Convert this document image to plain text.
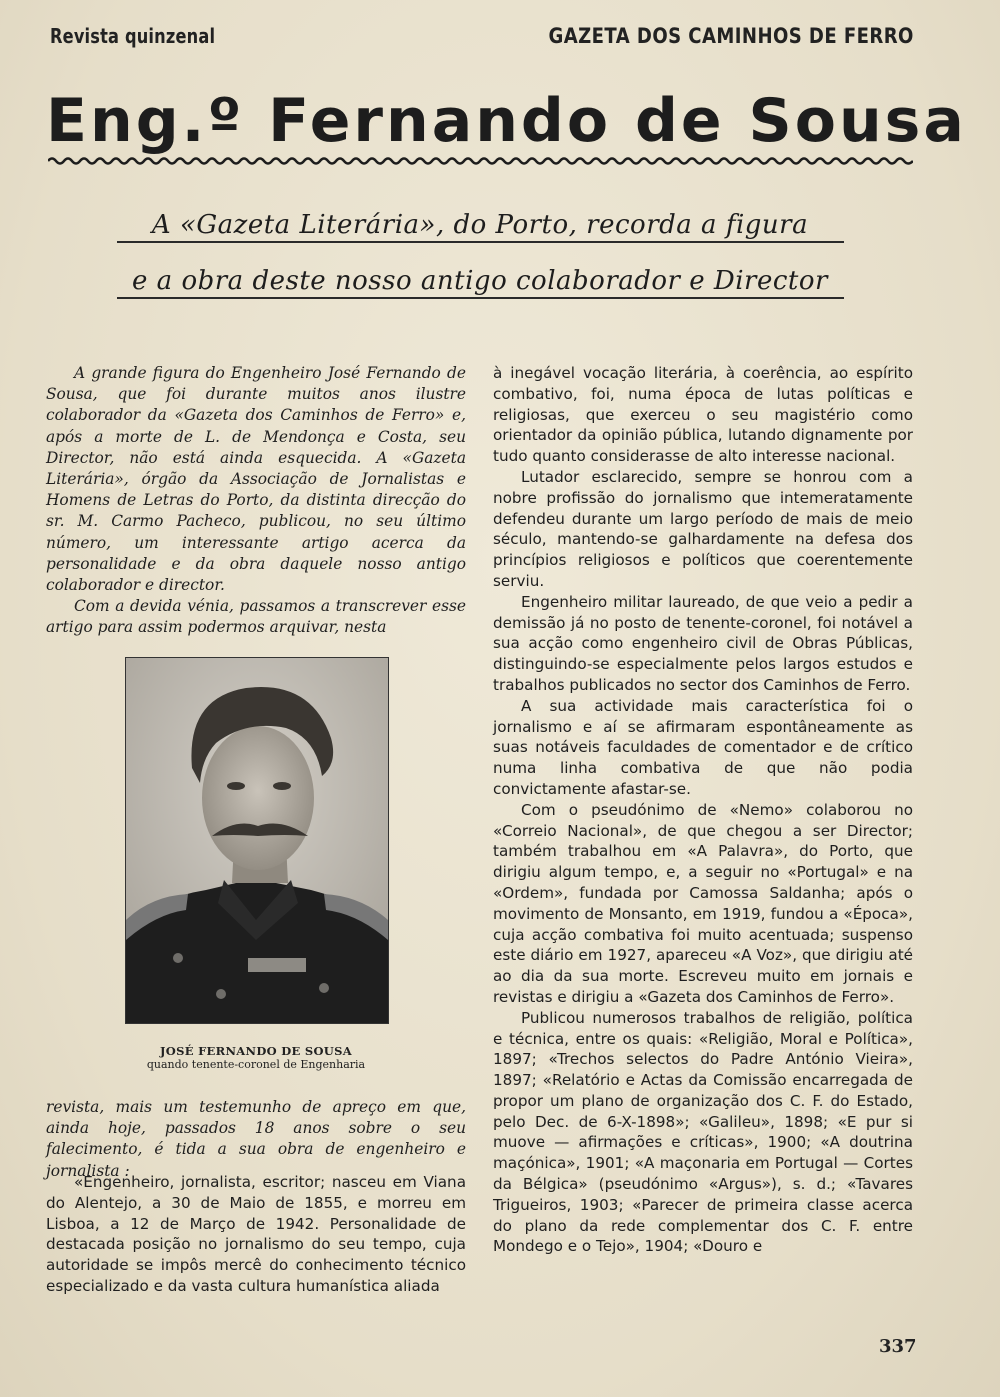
Revista quinzenal	GAZETA DOS CAMINHOS DE FERRO
Eng.º Fernando de Sousa
A «Gazeta Literária», do Porto, recorda a figura
e a obra deste nosso antigo colaborador e Director

A grande figura do Engenheiro José Fernando de Sousa, que foi durante muitos anos ilustre colaborador da «Gazeta dos Caminhos de Ferro» e, após a morte de L. de Mendonça e Costa, seu Director, não está ainda esquecida. A «Gazeta Literária», órgão da Associação de Jornalistas e Homens de Letras do Porto, da distinta direcção do sr. M. Carmo Pacheco, publicou, no seu último número, um interessante artigo acerca da personalidade e da obra daquele nosso antigo colaborador e director.

Com a devida vénia, passamos a transcrever esse artigo para assim podermos arquivar, nesta

JOSÉ FERNANDO DE SOUSA
quando tenente-coronel de Engenharia

revista, mais um testemunho de apreço em que, ainda hoje, passados 18 anos sobre o seu falecimento, é tida a sua obra de engenheiro e jornalista :

«Engenheiro, jornalista, escritor; nasceu em Viana do Alentejo, a 30 de Maio de 1855, e morreu em Lisboa, a 12 de Março de 1942. Personalidade de destacada posição no jornalismo do seu tempo, cuja autoridade se impôs mercê do conhecimento técnico especializado e da vasta cultura humanística aliada

à inegável vocação literária, à coerência, ao espírito combativo, foi, numa época de lutas políticas e religiosas, que exerceu o seu magistério como orientador da opinião pública, lutando dignamente por tudo quanto considerasse de alto interesse nacional.

Lutador esclarecido, sempre se honrou com a nobre profissão do jornalismo que intemeratamente defendeu durante um largo período de mais de meio século, mantendo-se galhardamente na defesa dos princípios religiosos e políticos que coerentemente serviu.

Engenheiro militar laureado, de que veio a pedir a demissão já no posto de tenente-coronel, foi notável a sua acção como engenheiro civil de Obras Públicas, distinguindo-se especialmente pelos largos estudos e trabalhos publicados no sector dos Caminhos de Ferro.

A sua actividade mais característica foi o jornalismo e aí se afirmaram espontâneamente as suas notáveis faculdades de comentador e de crítico numa linha combativa de que não podia convictamente afastar-se.

Com o pseudónimo de «Nemo» colaborou no «Correio Nacional», de que chegou a ser Director; também trabalhou em «A Palavra», do Porto, que dirigiu algum tempo, e, a seguir no «Portugal» e na «Ordem», fundada por Camossa Saldanha; após o movimento de Monsanto, em 1919, fundou a «Época», cuja acção combativa foi muito acentuada; suspenso este diário em 1927, apareceu «A Voz», que dirigiu até ao dia da sua morte. Escreveu muito em jornais e revistas e dirigiu a «Gazeta dos Caminhos de Ferro».

Publicou numerosos trabalhos de religião, política e técnica, entre os quais: «Religião, Moral e Política», 1897; «Trechos selectos do Padre António Vieira», 1897; «Relatório e Actas da Comissão encarregada de propor um plano de organização dos C. F. do Estado, pelo Dec. de 6-X-1898»; «Galileu», 1898; «E pur si muove — afirmações e críticas», 1900; «A doutrina maçónica», 1901; «A maçonaria em Portugal — Cortes da Bélgica» (pseudónimo «Argus»), s. d.; «Tavares Trigueiros, 1903; «Parecer de primeira classe acerca do plano da rede complementar dos C. F. entre Mondego e o Tejo», 1904; «Douro e

337
